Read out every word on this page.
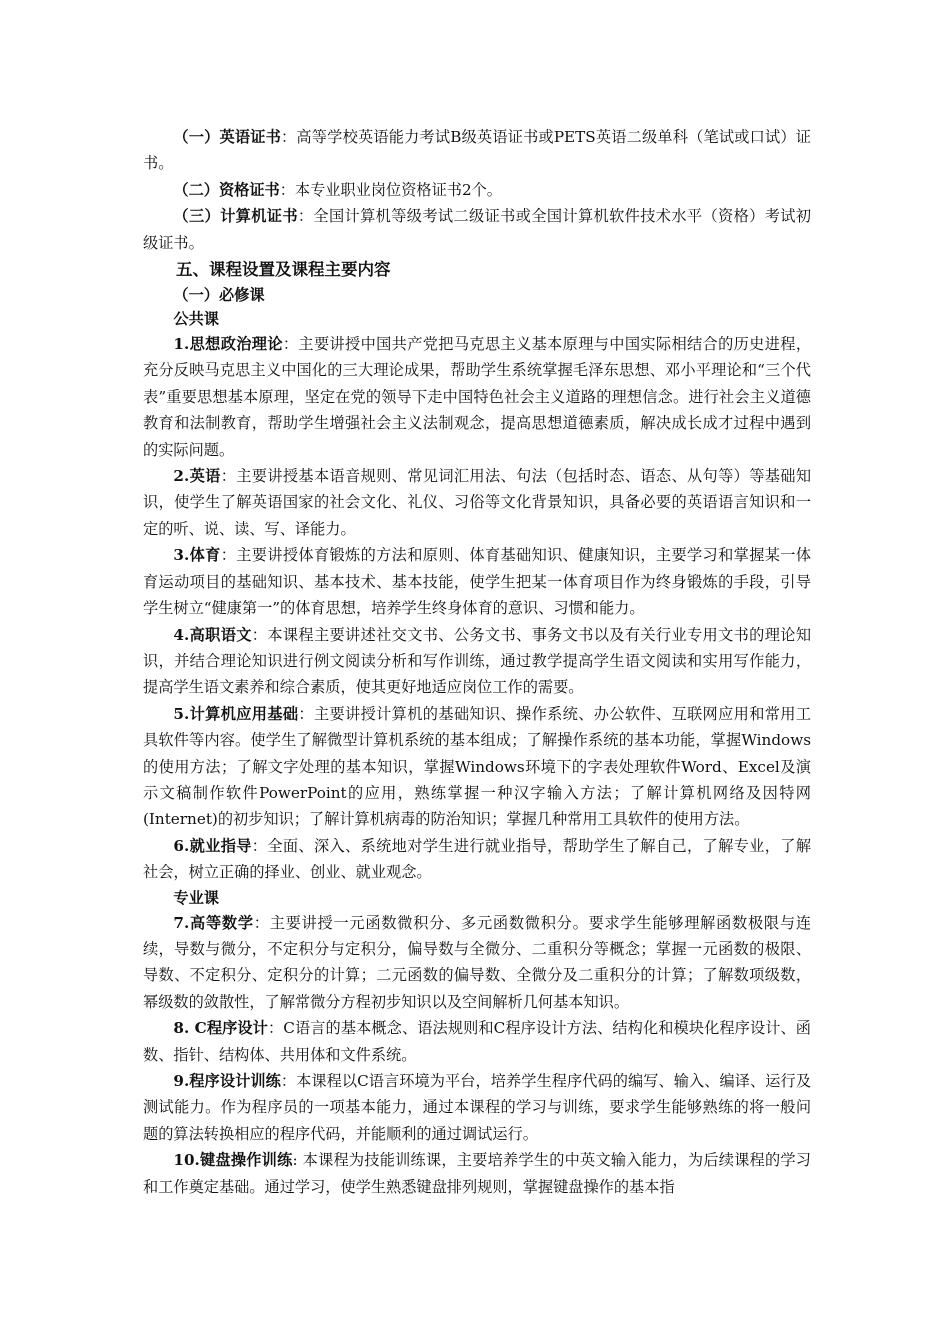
（一）英语证书：高等学校英语能力考试B级英语证书或PETS英语二级单科（笔试或口试）证书。

（二）资格证书：本专业职业岗位资格证书2个。

（三）计算机证书：全国计算机等级考试二级证书或全国计算机软件技术水平（资格）考试初级证书。

五、课程设置及课程主要内容

（一）必修课

公共课

1.思想政治理论：主要讲授中国共产党把马克思主义基本原理与中国实际相结合的历史进程，充分反映马克思主义中国化的三大理论成果，帮助学生系统掌握毛泽东思想、邓小平理论和“三个代表”重要思想基本原理，坚定在党的领导下走中国特色社会主义道路的理想信念。进行社会主义道德教育和法制教育，帮助学生增强社会主义法制观念，提高思想道德素质，解决成长成才过程中遇到的实际问题。

2.英语：主要讲授基本语音规则、常见词汇用法、句法（包括时态、语态、从句等）等基础知识，使学生了解英语国家的社会文化、礼仪、习俗等文化背景知识，具备必要的英语语言知识和一定的听、说、读、写、译能力。

3.体育：主要讲授体育锻炼的方法和原则、体育基础知识、健康知识，主要学习和掌握某一体育运动项目的基础知识、基本技术、基本技能，使学生把某一体育项目作为终身锻炼的手段，引导学生树立“健康第一”的体育思想，培养学生终身体育的意识、习惯和能力。

4.高职语文：本课程主要讲述社交文书、公务文书、事务文书以及有关行业专用文书的理论知识，并结合理论知识进行例文阅读分析和写作训练，通过教学提高学生语文阅读和实用写作能力，提高学生语文素养和综合素质，使其更好地适应岗位工作的需要。

5.计算机应用基础：主要讲授计算机的基础知识、操作系统、办公软件、互联网应用和常用工具软件等内容。使学生了解微型计算机系统的基本组成；了解操作系统的基本功能，掌握Windows的使用方法；了解文字处理的基本知识，掌握Windows环境下的字表处理软件Word、Excel及演示文稿制作软件PowerPoint的应用，熟练掌握一种汉字输入方法；了解计算机网络及因特网(Internet)的初步知识；了解计算机病毒的防治知识；掌握几种常用工具软件的使用方法。

6.就业指导：全面、深入、系统地对学生进行就业指导，帮助学生了解自己，了解专业，了解社会，树立正确的择业、创业、就业观念。

专业课

7.高等数学：主要讲授一元函数微积分、多元函数微积分。要求学生能够理解函数极限与连续，导数与微分，不定积分与定积分，偏导数与全微分、二重积分等概念；掌握一元函数的极限、导数、不定积分、定积分的计算；二元函数的偏导数、全微分及二重积分的计算；了解数项级数，幂级数的敛散性，了解常微分方程初步知识以及空间解析几何基本知识。

8. C程序设计：C语言的基本概念、语法规则和C程序设计方法、结构化和模块化程序设计、函数、指针、结构体、共用体和文件系统。

9.程序设计训练：本课程以C语言环境为平台，培养学生程序代码的编写、输入、编译、运行及测试能力。作为程序员的一项基本能力，通过本课程的学习与训练，要求学生能够熟练的将一般问题的算法转换相应的程序代码，并能顺利的通过调试运行。

10.键盘操作训练: 本课程为技能训练课，主要培养学生的中英文输入能力，为后续课程的学习和工作奠定基础。通过学习，使学生熟悉键盘排列规则，掌握键盘操作的基本指
